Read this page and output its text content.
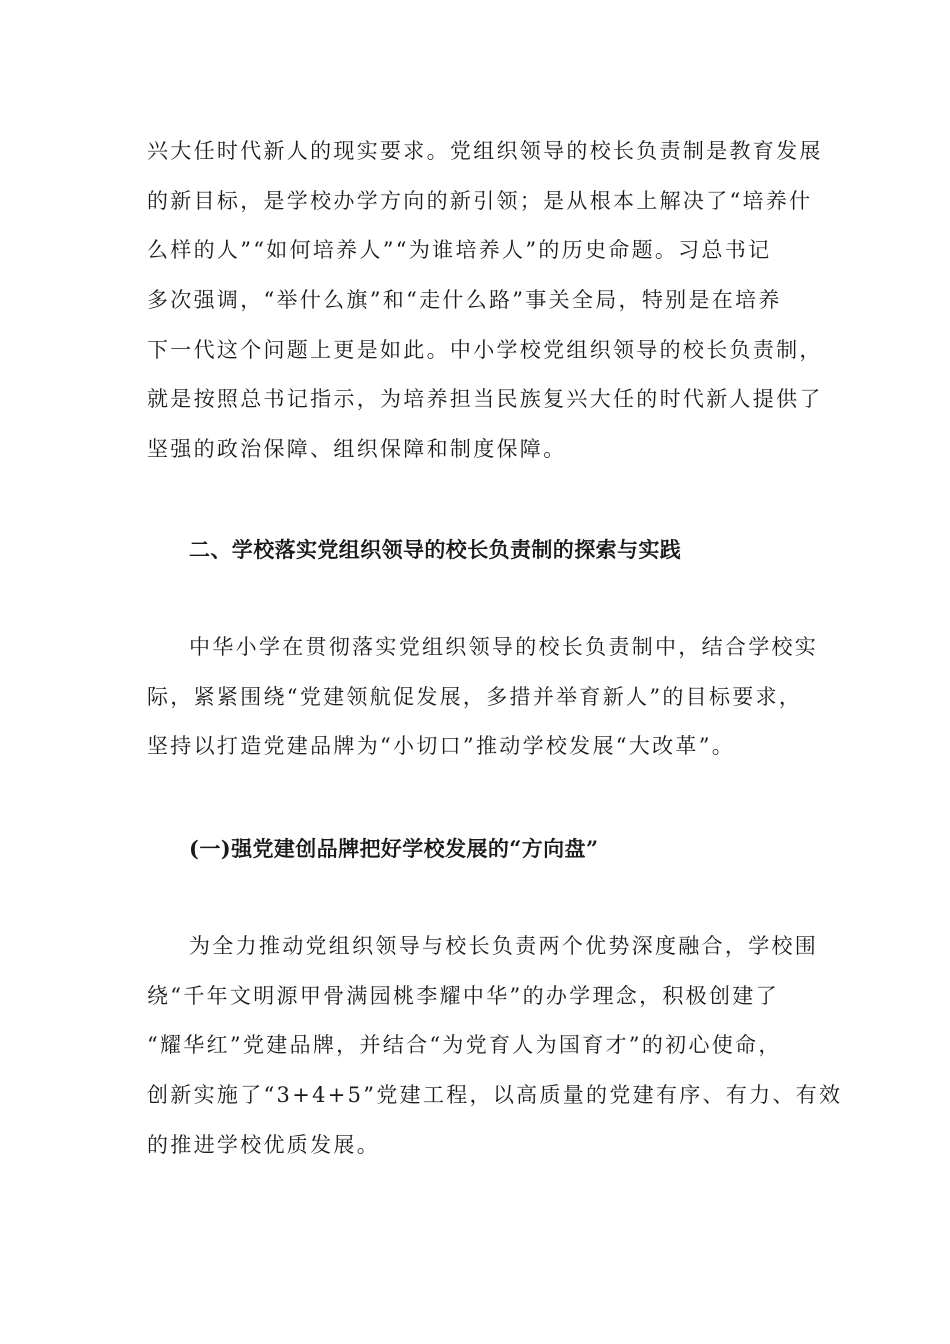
兴大任时代新人的现实要求。党组织领导的校长负责制是教育发展
的新目标，是学校办学方向的新引领；是从根本上解决了“培养什
么样的人”“如何培养人”“为谁培养人”的历史命题。习总书记
多次强调，“举什么旗”和“走什么路”事关全局，特别是在培养
下一代这个问题上更是如此。中小学校党组织领导的校长负责制，
就是按照总书记指示，为培养担当民族复兴大任的时代新人提供了
坚强的政治保障、组织保障和制度保障。
二、学校落实党组织领导的校长负责制的探索与实践
中华小学在贯彻落实党组织领导的校长负责制中，结合学校实
际，紧紧围绕“党建领航促发展，多措并举育新人”的目标要求，
坚持以打造党建品牌为“小切口”推动学校发展“大改革”。
(一)强党建创品牌把好学校发展的“方向盘”
为全力推动党组织领导与校长负责两个优势深度融合，学校围
绕“千年文明源甲骨满园桃李耀中华”的办学理念，积极创建了
“耀华红”党建品牌，并结合“为党育人为国育才”的初心使命，
创新实施了“3+4+5”党建工程，以高质量的党建有序、有力、有效
的推进学校优质发展。
